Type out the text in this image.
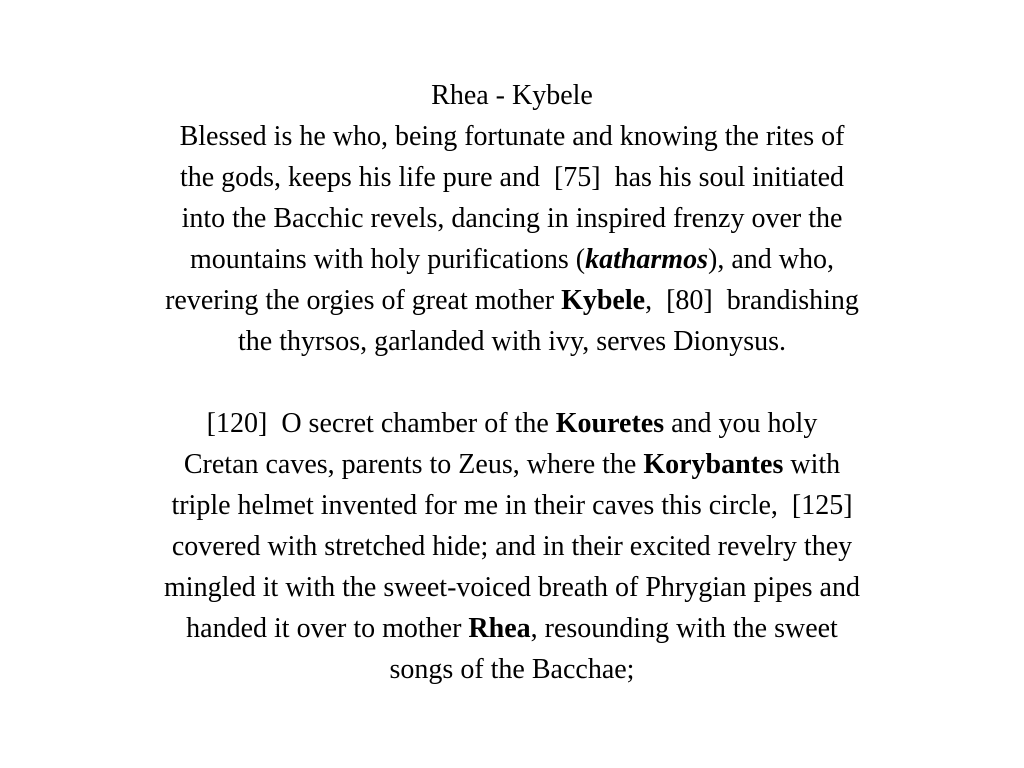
Rhea - Kybele
Blessed is he who, being fortunate and knowing the rites of
the gods, keeps his life pure and  [75]  has his soul initiated
into the Bacchic revels, dancing in inspired frenzy over the
mountains with holy purifications (katharmos), and who,
revering the orgies of great mother Kybele,  [80]  brandishing
the thyrsos, garlanded with ivy, serves Dionysus.
[120]  O secret chamber of the Kouretes and you holy
Cretan caves, parents to Zeus, where the Korybantes with
triple helmet invented for me in their caves this circle,  [125]
covered with stretched hide; and in their excited revelry they
mingled it with the sweet-voiced breath of Phrygian pipes and
handed it over to mother Rhea, resounding with the sweet
songs of the Bacchae;
